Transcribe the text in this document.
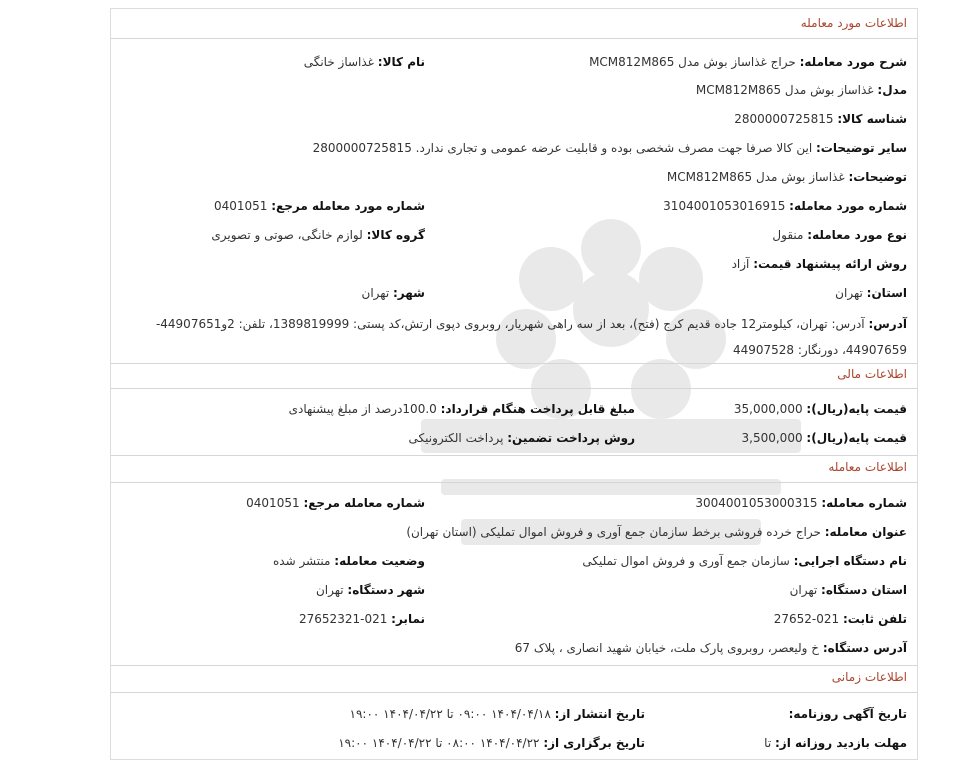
اطلاعات مورد معامله
شرح مورد معامله: حراج غذاساز بوش مدل MCM812M865
نام کالا: غذاساز خانگی
مدل: غذاساز بوش مدل MCM812M865
شناسه کالا: 2800000725815
سایر توضیحات: این کالا صرفا جهت مصرف شخصی بوده و قابلیت عرضه عمومی و تجاری ندارد. 2800000725815
توضیحات: غذاساز بوش مدل MCM812M865
شماره مورد معامله: 3104001053016915
شماره مورد معامله مرجع: 0401051
نوع مورد معامله: منقول
گروه کالا: لوازم خانگی، صوتی و تصویری
روش ارائه پیشنهاد قیمت: آزاد
استان: تهران
شهر: تهران
آدرس: آدرس: تهران، کیلومتر12 جاده قدیم کرج (فتح)، بعد از سه راهی شهریار، روبروی دپوی ارتش،کد پستی: 1389819999، تلفن: 2و44907651-44907659، دورنگار: 44907528
اطلاعات مالی
قیمت پایه(ریال): 35,000,000
مبلغ قابل پرداخت هنگام قرارداد: 100.0درصد از مبلغ پیشنهادی
قیمت پایه(ریال): 3,500,000
روش پرداخت تضمین: پرداخت الکترونیکی
اطلاعات معامله
شماره معامله: 3004001053000315
شماره معامله مرجع: 0401051
عنوان معامله: حراج خرده فروشی برخط سازمان جمع آوری و فروش اموال تملیکی (استان تهران)
نام دستگاه اجرایی: سازمان جمع آوری و فروش اموال تملیکی
وضعیت معامله: منتشر شده
استان دستگاه: تهران
شهر دستگاه: تهران
تلفن ثابت: 021-27652
نمابر: 021-27652321
آدرس دستگاه: خ ولیعصر، روبروی پارک ملت، خیابان شهید انصاری ، پلاک 67
اطلاعات زمانی
تاریخ آگهی روزنامه:
تاریخ انتشار از: ۱۴۰۴/۰۴/۱۸ ۰۹:۰۰ تا ۱۴۰۴/۰۴/۲۲ ۱۹:۰۰
مهلت بازدید روزانه از: تا
تاریخ برگزاری از: ۱۴۰۴/۰۴/۲۲ ۰۸:۰۰ تا ۱۴۰۴/۰۴/۲۲ ۱۹:۰۰
